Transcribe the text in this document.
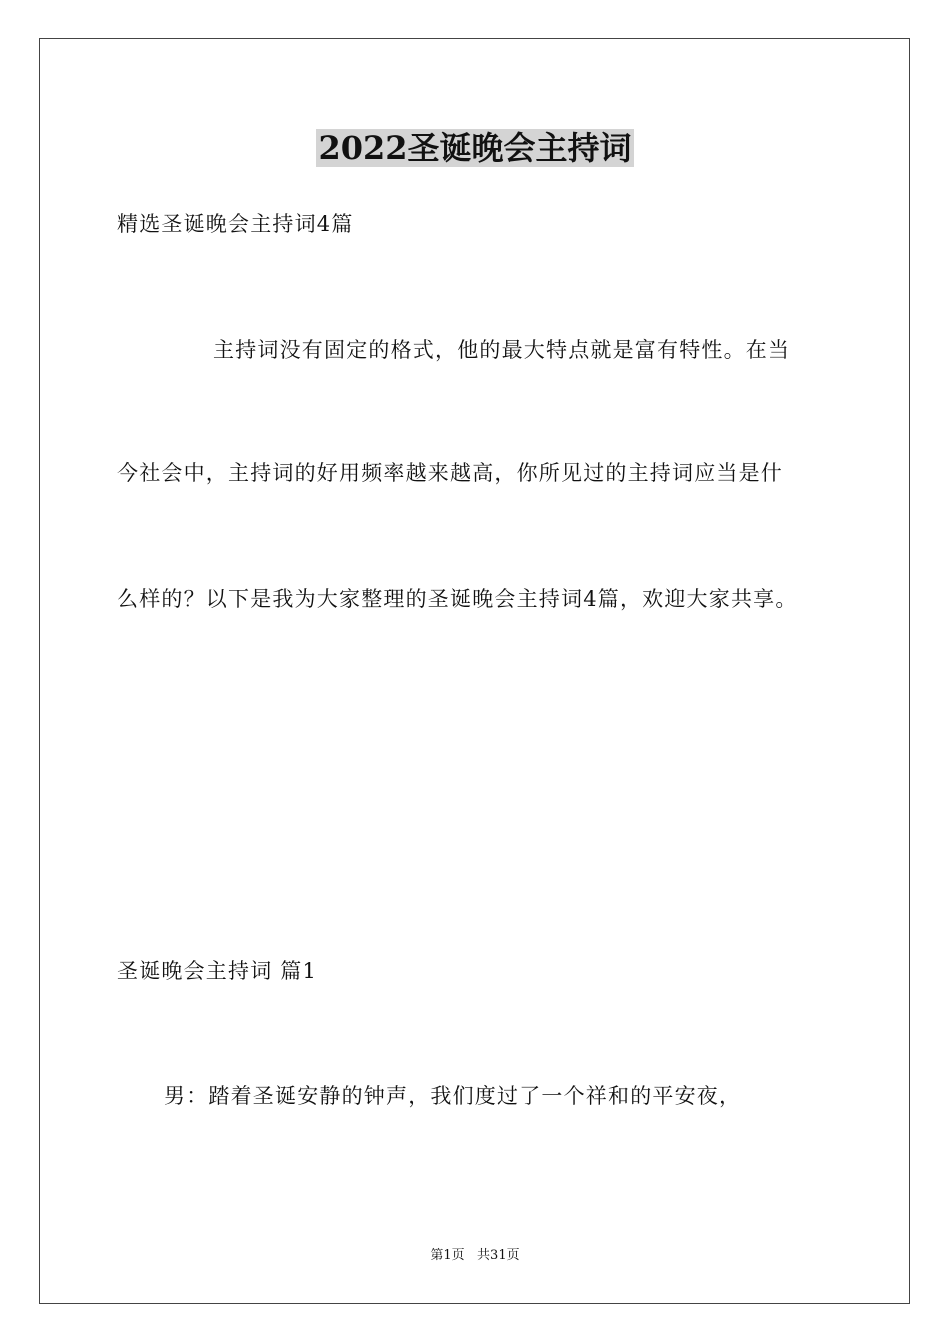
2022圣诞晚会主持词
精选圣诞晚会主持词4篇
主持词没有固定的格式，他的最大特点就是富有特性。在当
今社会中，主持词的好用频率越来越高，你所见过的主持词应当是什
么样的？以下是我为大家整理的圣诞晚会主持词4篇，欢迎大家共享。
圣诞晚会主持词 篇1
男：踏着圣诞安静的钟声，我们度过了一个祥和的平安夜，
第1页   共31页
